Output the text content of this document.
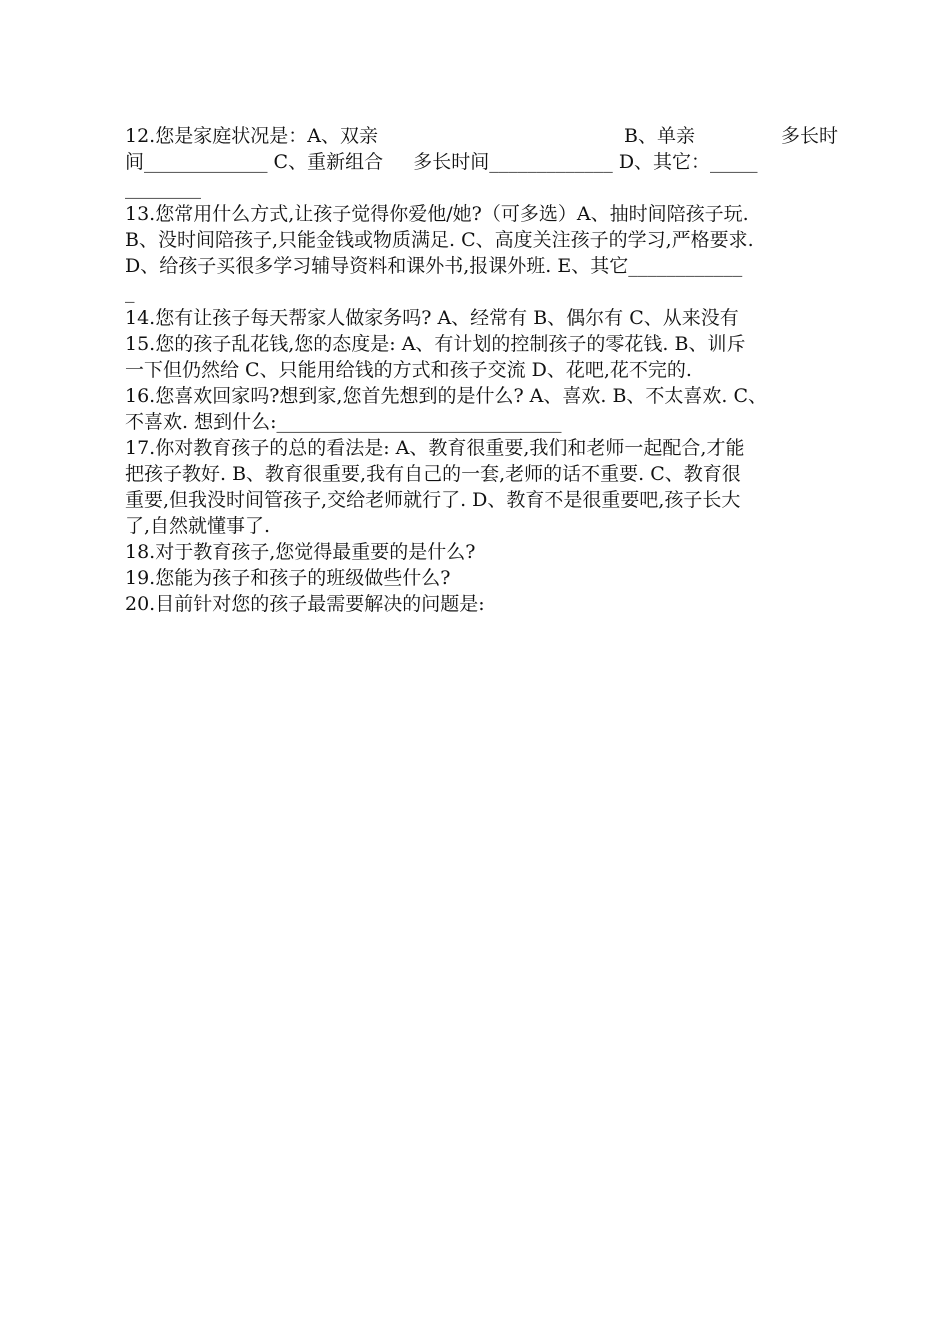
12.您是家庭状况是：A、双亲	B、单亲	多长时
间_____________ C、重新组合     多长时间_____________ D、其它：_____
________
13.您常用什么方式,让孩子觉得你爱他/她?（可多选）A、抽时间陪孩子玩.
B、没时间陪孩子,只能金钱或物质满足. C、高度关注孩子的学习,严格要求.
D、给孩子买很多学习辅导资料和课外书,报课外班. E、其它____________
_
14.您有让孩子每天帮家人做家务吗? A、经常有 B、偶尔有 C、从来没有
15.您的孩子乱花钱,您的态度是: A、有计划的控制孩子的零花钱. B、训斥
一下但仍然给 C、只能用给钱的方式和孩子交流 D、花吧,花不完的.
16.您喜欢回家吗?想到家,您首先想到的是什么? A、喜欢. B、不太喜欢. C、
不喜欢. 想到什么:______________________________
17.你对教育孩子的总的看法是: A、教育很重要,我们和老师一起配合,才能
把孩子教好. B、教育很重要,我有自己的一套,老师的话不重要. C、教育很
重要,但我没时间管孩子,交给老师就行了. D、教育不是很重要吧,孩子长大
了,自然就懂事了.
18.对于教育孩子,您觉得最重要的是什么?
19.您能为孩子和孩子的班级做些什么?
20.目前针对您的孩子最需要解决的问题是:
